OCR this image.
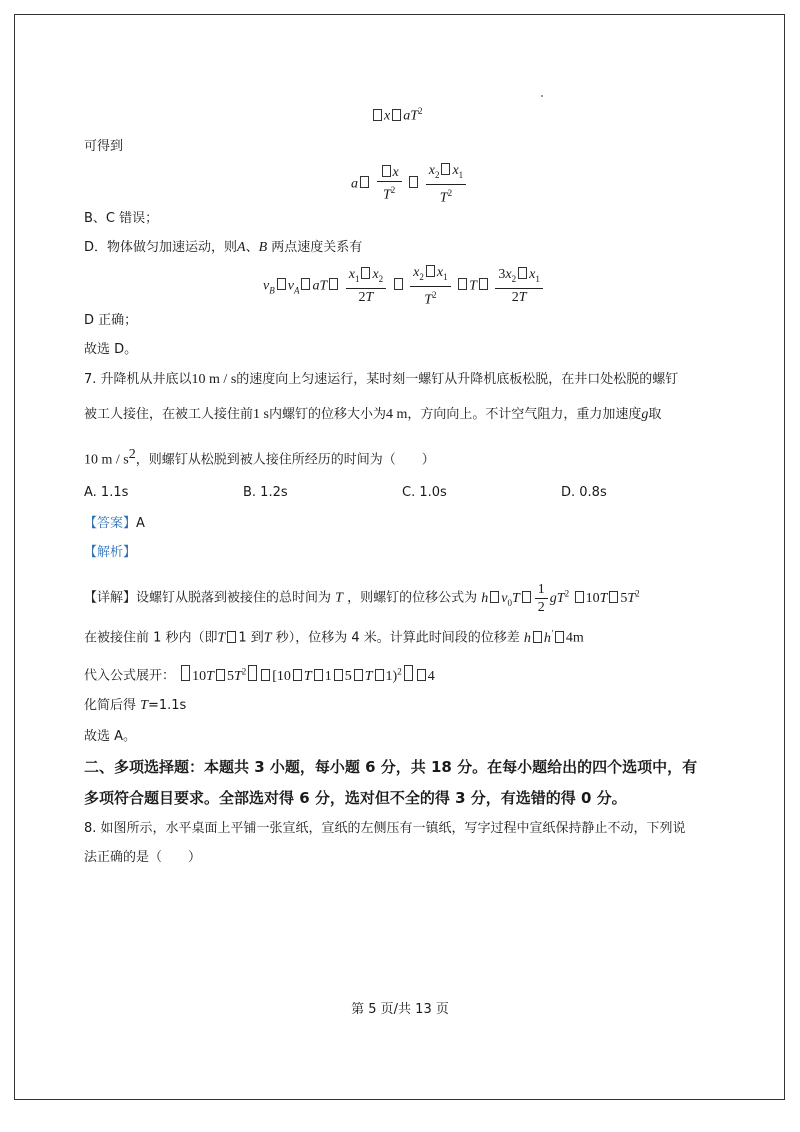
x $aT^2$
可得到
a $\frac{x}{T^2}$
$\frac{x_2 x_1}{T^2}$
B、C 错误；
D．物体做匀加速运动，则A、B 两点速度关系有
$v_B$ $v_A$ aT $\frac{x_1 x_2}{2T}$
$\frac{x_2 x_1}{T^2}$ T $\frac{3x_2 x_1}{2T}$
D 正确；
故选 D。
7. 升降机从井底以10 m / s的速度向上匀速运行，某时刻一螺钉从升降机底板松脱，在井口处松脱的螺钉
被工人接住，在被工人接住前1 s内螺钉的位移大小为4 m，方向向上。不计空气阻力，重力加速度g取
10 m / $s^2$，则螺钉从松脱到被人接住所经历的时间为（　　）
A. 1.1s	B. 1.2s	C. 1.0s	D. 0.8s
【答案】A
【解析】
【详解】设螺钉从脱落到被接住的总时间为 T ，则螺钉的位移公式为 h $v_0T \frac{1}{2} gT^2$ 10T $5T^2$
在被接住前 1 秒内（即T 1 到T 秒），位移为 4 米。计算此时间段的位移差 h h' 4m
代入公式展开： 10T $5T^2$ [10 T 1 5 T 1)$^2$ 4
化简后得 T=1.1s
故选 A。
二、多项选择题：本题共 3 小题，每小题 6 分，共 18 分。在每小题给出的四个选项中，有
多项符合题目要求。全部选对得 6 分，选对但不全的得 3 分，有选错的得 0 分。
8. 如图所示，水平桌面上平铺一张宣纸，宣纸的左侧压有一镇纸，写字过程中宣纸保持静止不动，下列说
法正确的是（　　）
第 5 页/共 13 页
